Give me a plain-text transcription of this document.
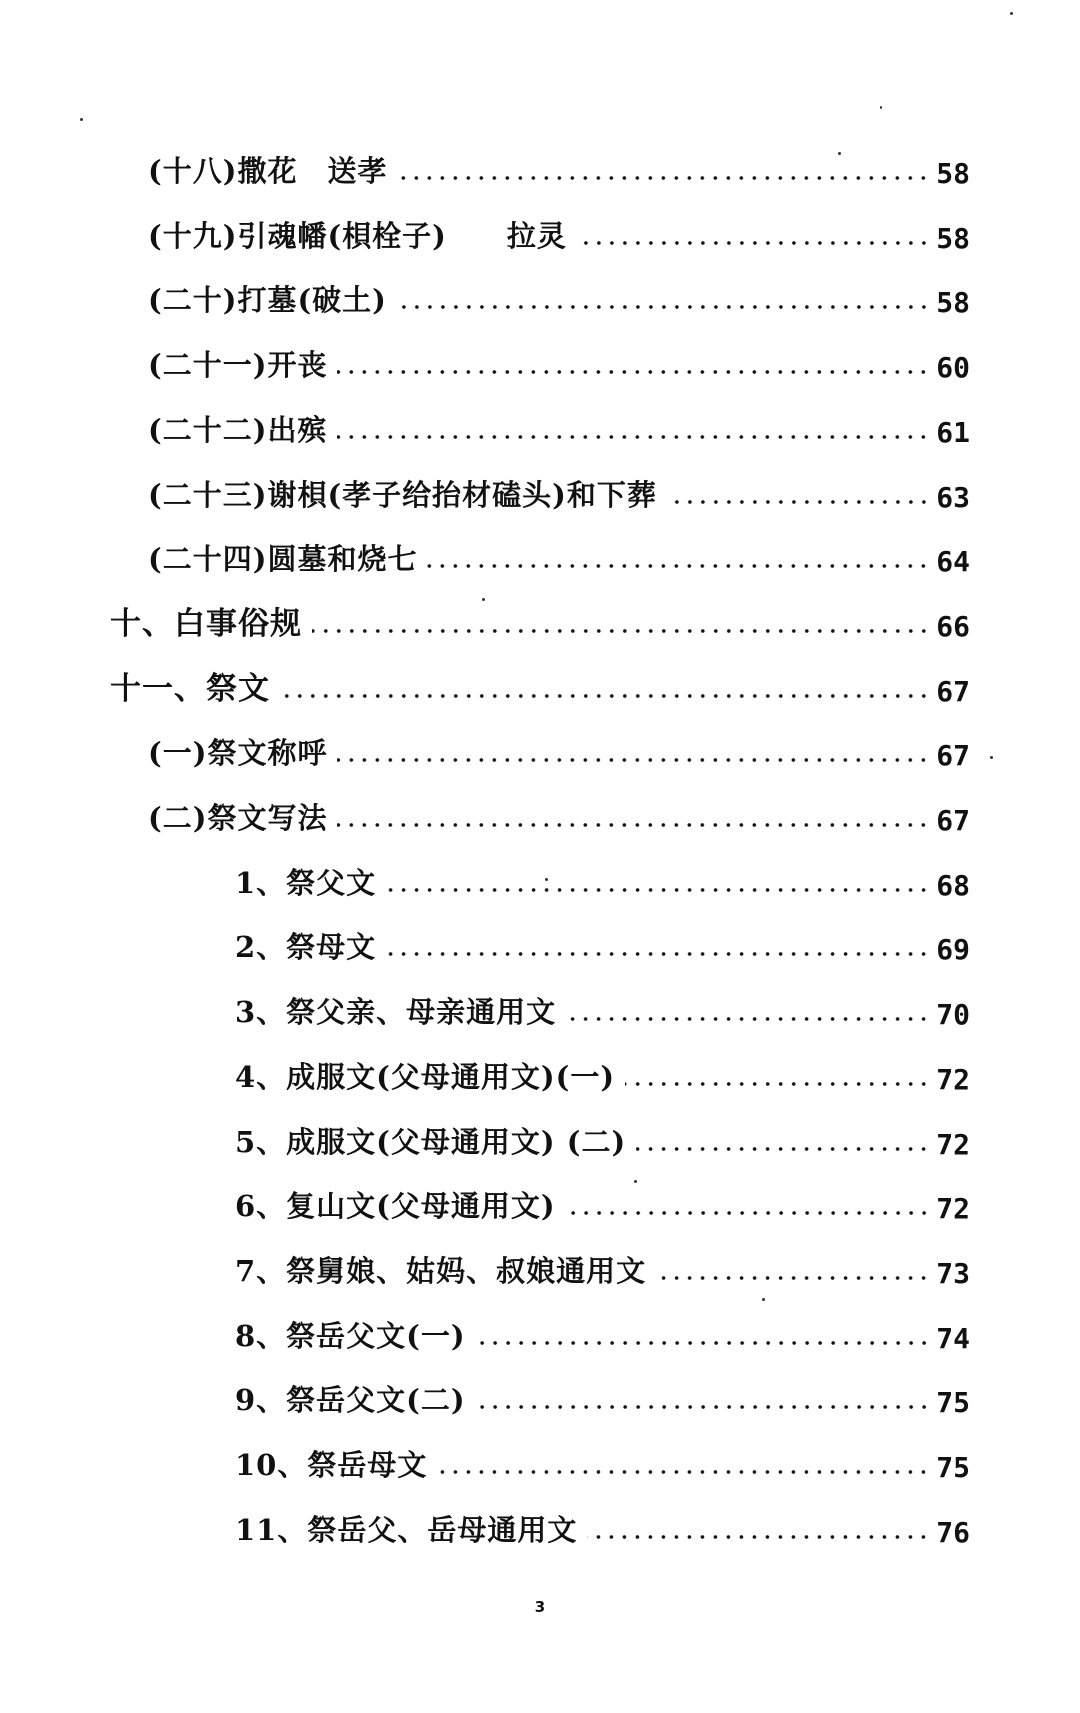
(十八)撒花　送孝	58
(十九)引魂幡(梖栓子)　　拉灵	58
(二十)打墓(破土)	58
(二十一)开丧	60
(二十二)出殡	61
(二十三)谢梖(孝子给抬材磕头)和下葬	63
(二十四)圆墓和烧七	64
十、白事俗规	66
十一、祭文	67
(一)祭文称呼	67
(二)祭文写法	67
1、祭父文	68
2、祭母文	69
3、祭父亲、母亲通用文	70
4、成服文(父母通用文)(一)	72
5、成服文(父母通用文) (二)	72
6、复山文(父母通用文)	72
7、祭舅娘、姑妈、叔娘通用文	73
8、祭岳父文(一)	74
9、祭岳父文(二)	75
10、祭岳母文	75
11、祭岳父、岳母通用文	76
3
